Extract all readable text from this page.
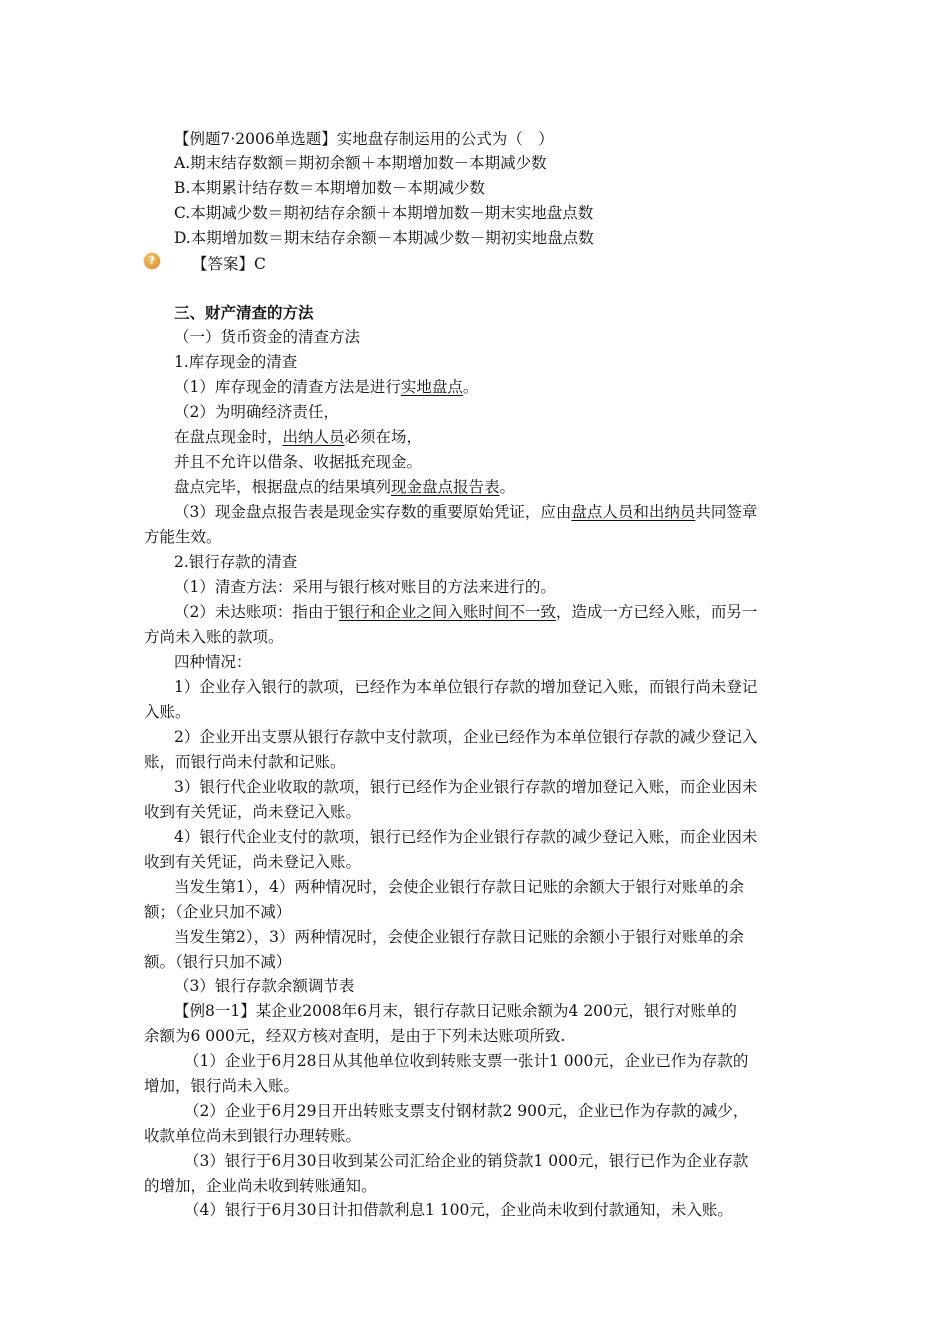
【例题7·2006单选题】实地盘存制运用的公式为（　）
A.期末结存数额＝期初余额＋本期增加数－本期减少数
B.本期累计结存数＝本期增加数－本期减少数
C.本期减少数＝期初结存余额＋本期增加数－期末实地盘点数
D.本期增加数＝期末结存余额－本期减少数－期初实地盘点数
?	【答案】C
三、财产清查的方法
（一）货币资金的清查方法
1.库存现金的清查
（1）库存现金的清查方法是进行实地盘点。
（2）为明确经济责任，
在盘点现金时，出纳人员必须在场，
并且不允许以借条、收据抵充现金。
盘点完毕，根据盘点的结果填列现金盘点报告表。
（3）现金盘点报告表是现金实存数的重要原始凭证，应由盘点人员和出纳员共同签章
方能生效。
2.银行存款的清查
（1）清查方法：采用与银行核对账目的方法来进行的。
（2）未达账项：指由于银行和企业之间入账时间不一致，造成一方已经入账，而另一
方尚未入账的款项。
四种情况：
1）企业存入银行的款项，已经作为本单位银行存款的增加登记入账，而银行尚未登记
入账。
2）企业开出支票从银行存款中支付款项，企业已经作为本单位银行存款的减少登记入
账，而银行尚未付款和记账。
3）银行代企业收取的款项，银行已经作为企业银行存款的增加登记入账，而企业因未
收到有关凭证，尚未登记入账。
4）银行代企业支付的款项，银行已经作为企业银行存款的减少登记入账，而企业因未
收到有关凭证，尚未登记入账。
当发生第1），4）两种情况时，会使企业银行存款日记账的余额大于银行对账单的余
额；（企业只加不减）
当发生第2），3）两种情况时，会使企业银行存款日记账的余额小于银行对账单的余
额。（银行只加不减）
（3）银行存款余额调节表
【例8一1】某企业2008年6月末，银行存款日记账余额为4 200元，银行对账单的
余额为6 000元，经双方核对查明，是由于下列未达账项所致.
（1）企业于6月28日从其他单位收到转账支票一张计1 000元，企业已作为存款的
增加，银行尚未入账。
（2）企业于6月29日开出转账支票支付钢材款2 900元，企业已作为存款的减少，
收款单位尚未到银行办理转账。
（3）银行于6月30日收到某公司汇给企业的销贷款1 000元，银行已作为企业存款
的增加，企业尚未收到转账通知。
（4）银行于6月30日计扣借款利息1 100元，企业尚未收到付款通知，未入账。
